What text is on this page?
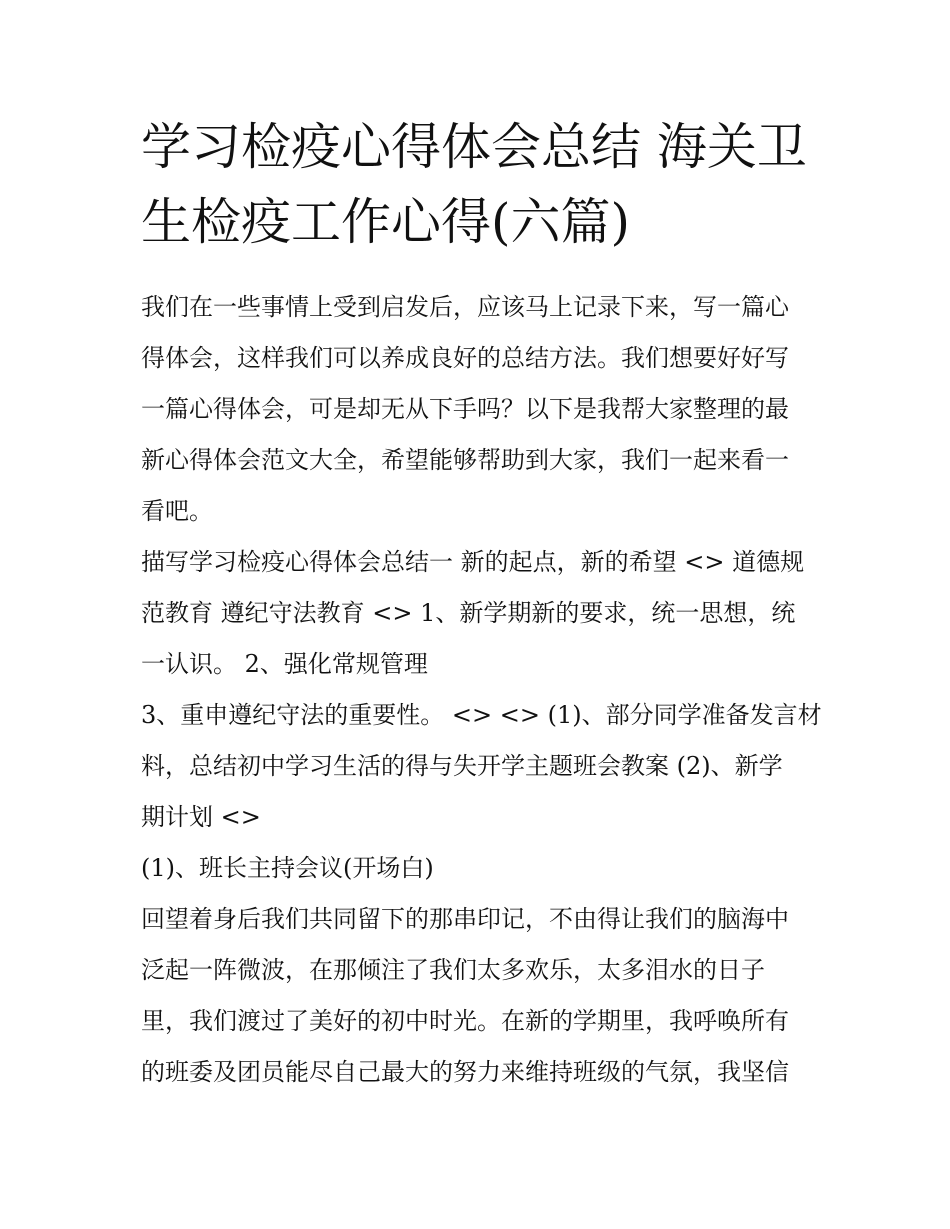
学习检疫心得体会总结 海关卫
生检疫工作心得(六篇)

我们在一些事情上受到启发后，应该马上记录下来，写一篇心
得体会，这样我们可以养成良好的总结方法。我们想要好好写
一篇心得体会，可是却无从下手吗？以下是我帮大家整理的最
新心得体会范文大全，希望能够帮助到大家，我们一起来看一
看吧。

描写学习检疫心得体会总结一 新的起点，新的希望 <> 道德规
范教育 遵纪守法教育 <> 1、新学期新的要求，统一思想，统
一认识。 2、强化常规管理

3、重申遵纪守法的重要性。 <> <> (1)、部分同学准备发言材
料，总结初中学习生活的得与失开学主题班会教案 (2)、新学
期计划 <>

(1)、班长主持会议(开场白)

回望着身后我们共同留下的那串印记，不由得让我们的脑海中
泛起一阵微波，在那倾注了我们太多欢乐，太多泪水的日子
里，我们渡过了美好的初中时光。在新的学期里，我呼唤所有
的班委及团员能尽自己最大的努力来维持班级的气氛，我坚信
